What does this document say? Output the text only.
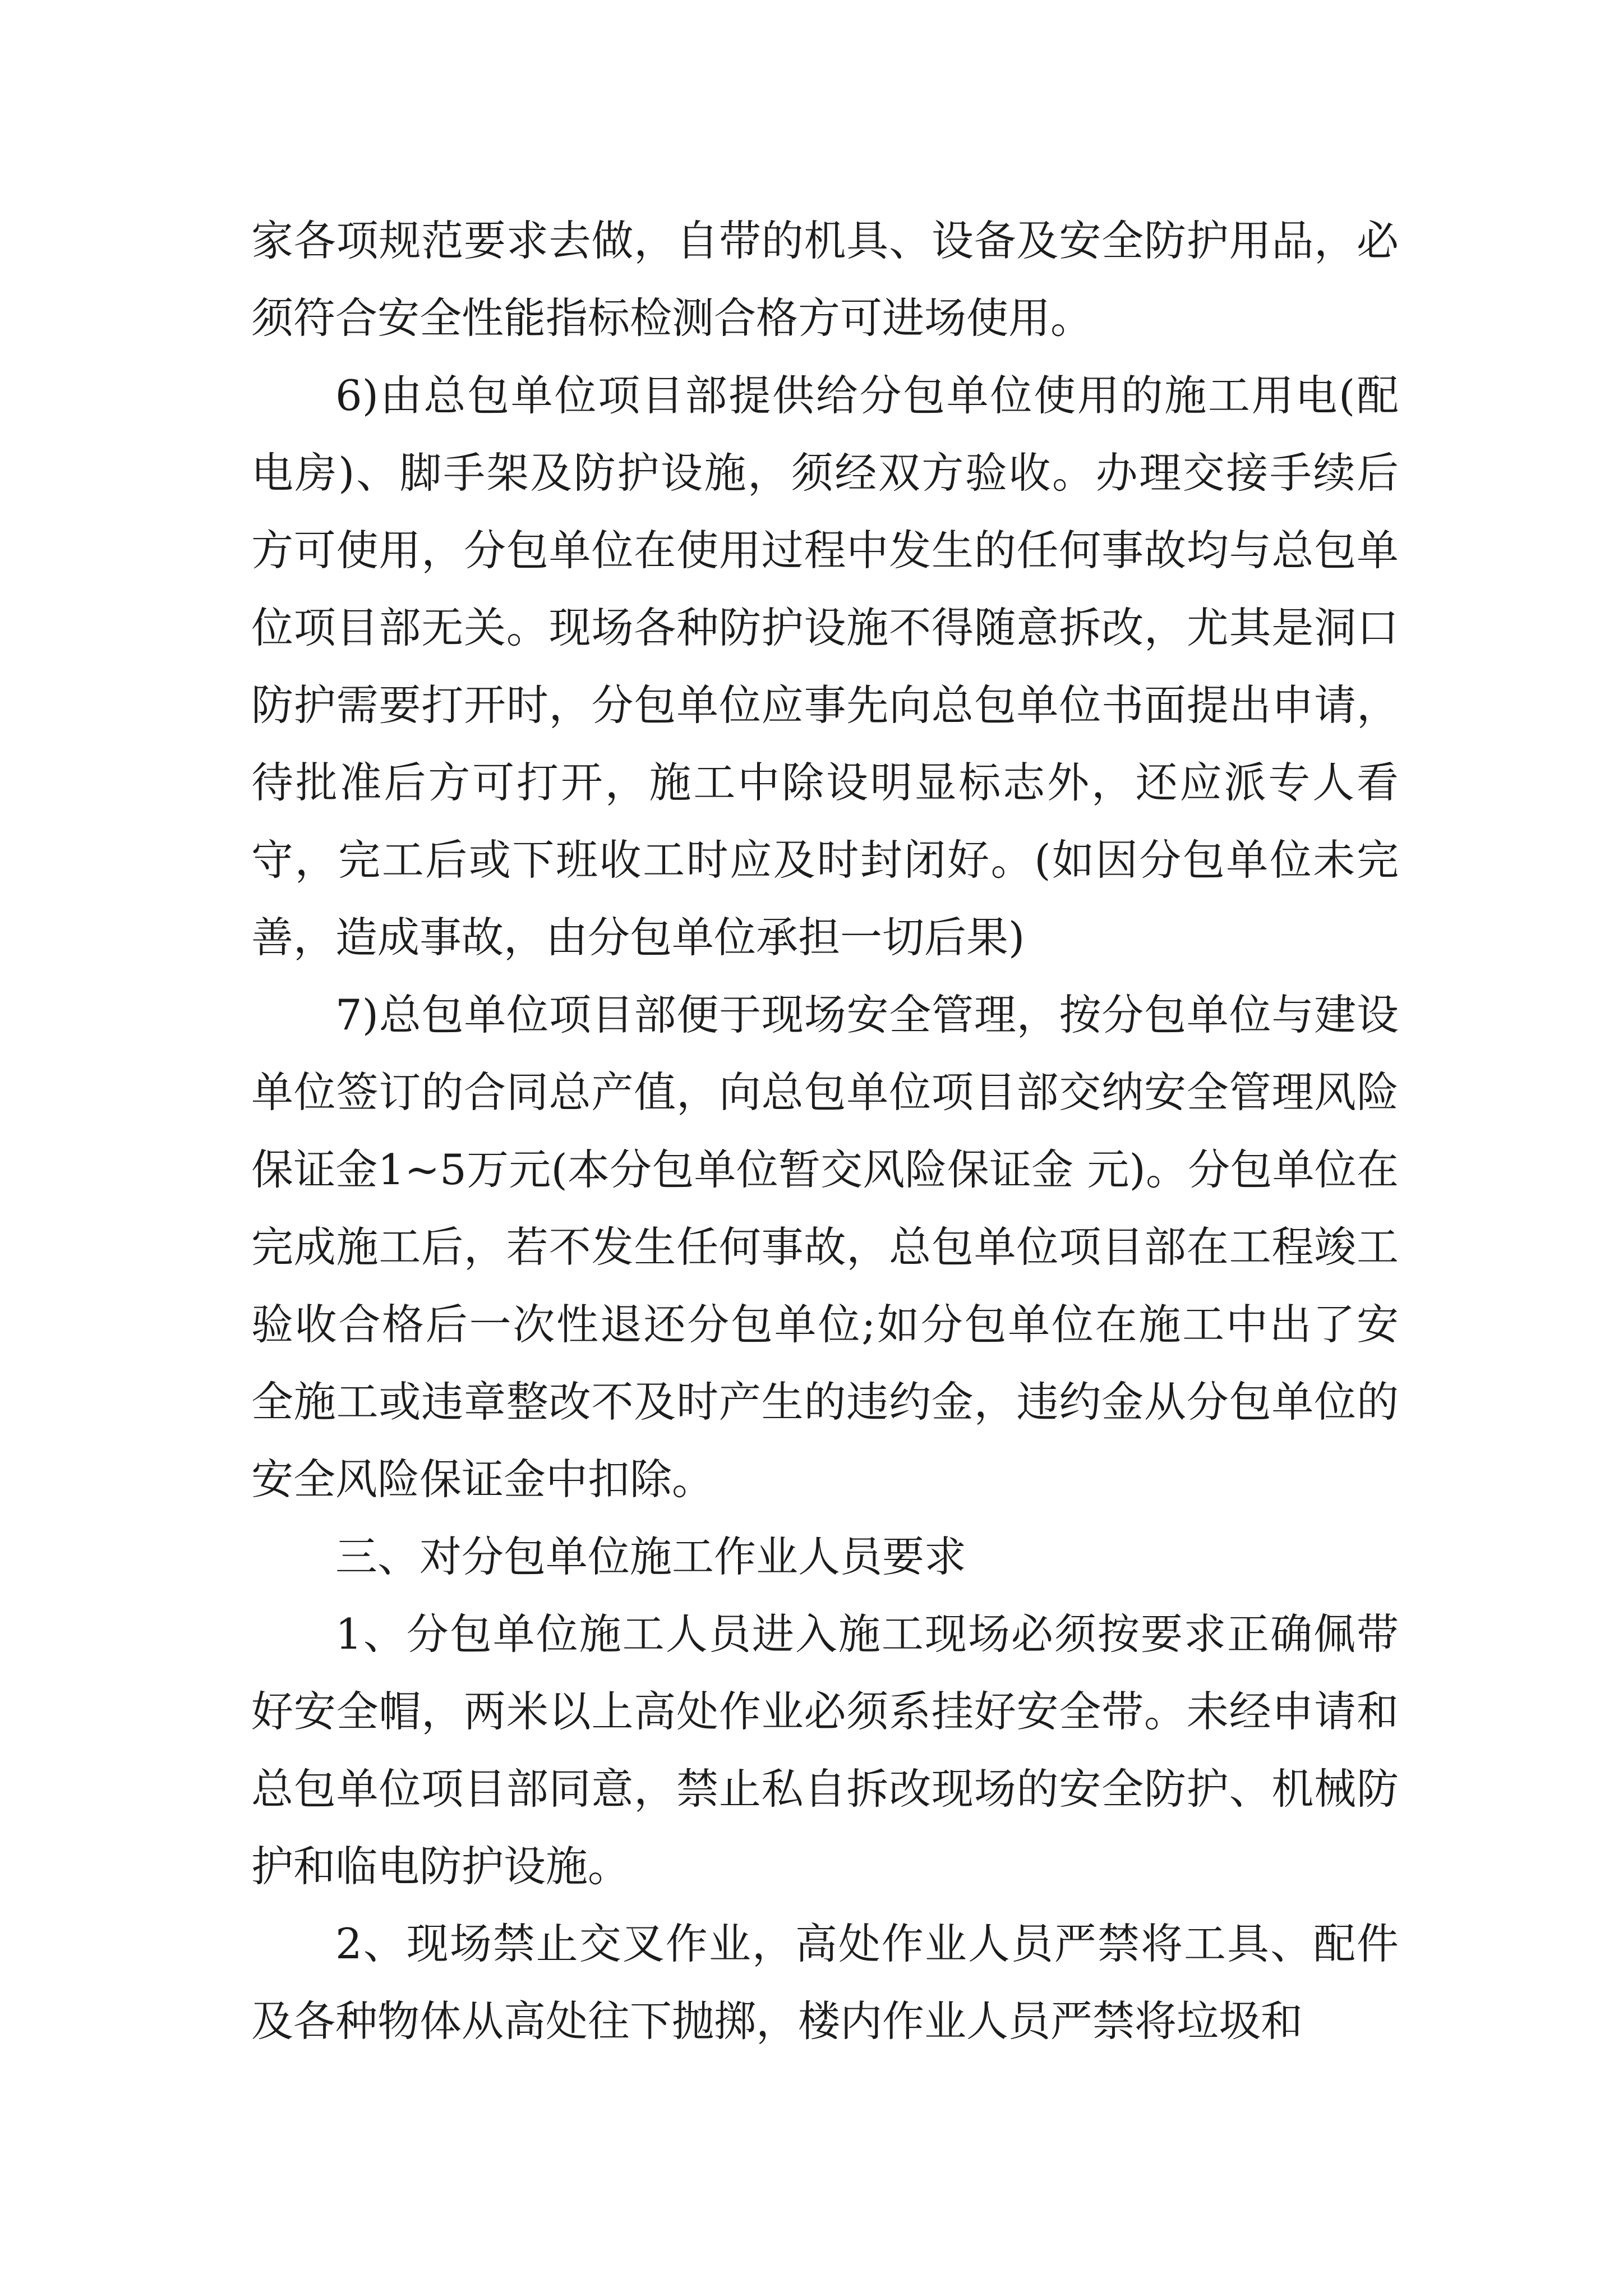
家各项规范要求去做，自带的机具、设备及安全防护用品，必须符合安全性能指标检测合格方可进场使用。

6)由总包单位项目部提供给分包单位使用的施工用电(配电房)、脚手架及防护设施，须经双方验收。办理交接手续后方可使用，分包单位在使用过程中发生的任何事故均与总包单位项目部无关。现场各种防护设施不得随意拆改，尤其是洞口防护需要打开时，分包单位应事先向总包单位书面提出申请，待批准后方可打开，施工中除设明显标志外，还应派专人看守，完工后或下班收工时应及时封闭好。(如因分包单位未完善，造成事故，由分包单位承担一切后果)

7)总包单位项目部便于现场安全管理，按分包单位与建设单位签订的合同总产值，向总包单位项目部交纳安全管理风险保证金1~5万元(本分包单位暂交风险保证金 元)。分包单位在完成施工后，若不发生任何事故，总包单位项目部在工程竣工验收合格后一次性退还分包单位;如分包单位在施工中出了安全施工或违章整改不及时产生的违约金，违约金从分包单位的安全风险保证金中扣除。

三、对分包单位施工作业人员要求

1、分包单位施工人员进入施工现场必须按要求正确佩带好安全帽，两米以上高处作业必须系挂好安全带。未经申请和总包单位项目部同意，禁止私自拆改现场的安全防护、机械防护和临电防护设施。

2、现场禁止交叉作业，高处作业人员严禁将工具、配件及各种物体从高处往下抛掷，楼内作业人员严禁将垃圾和
